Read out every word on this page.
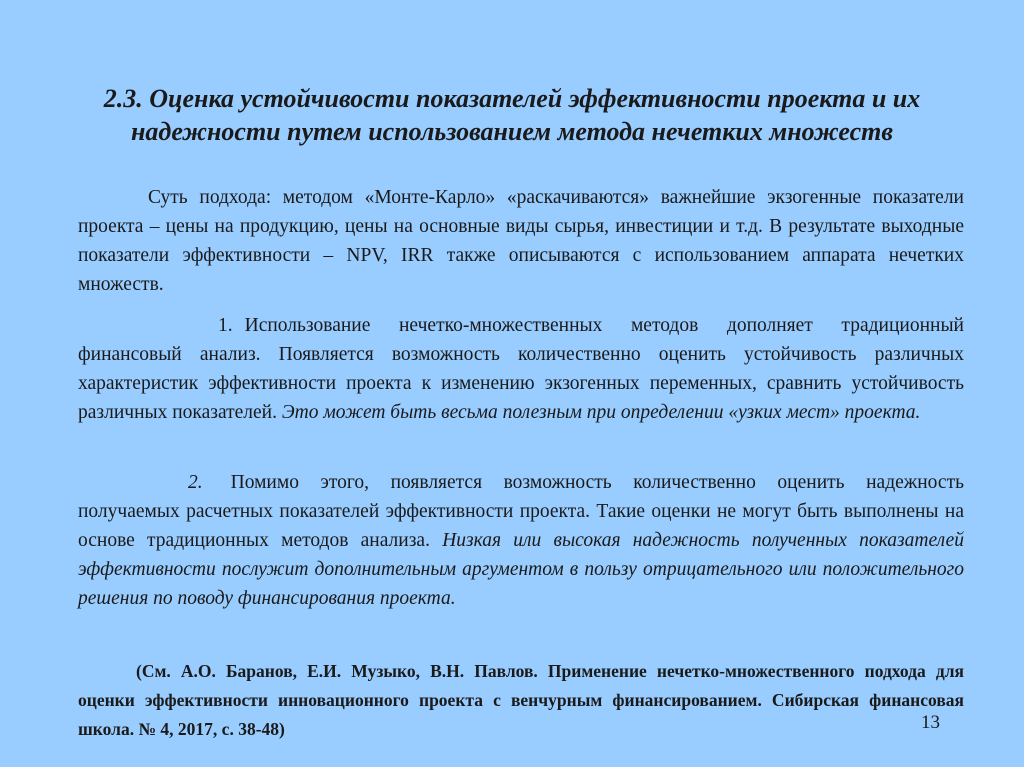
2.3. Оценка устойчивости показателей эффективности проекта и их надежности путем использованием метода нечетких множеств

Суть подхода: методом «Монте-Карло» «раскачиваются» важнейшие экзогенные показатели проекта – цены на продукцию, цены на основные виды сырья, инвестиции и т.д. В результате выходные показатели эффективности – NPV, IRR также описываются с использованием аппарата нечетких множеств.

1. Использование нечетко-множественных методов дополняет традиционный финансовый анализ. Появляется возможность количественно оценить устойчивость различных характеристик эффективности проекта к изменению экзогенных переменных, сравнить устойчивость различных показателей. Это может быть весьма полезным при определении «узких мест» проекта.

2. Помимо этого, появляется возможность количественно оценить надежность получаемых расчетных показателей эффективности проекта. Такие оценки не могут быть выполнены на основе традиционных методов анализа. Низкая или высокая надежность полученных показателей эффективности послужит дополнительным аргументом в пользу отрицательного или положительного решения по поводу финансирования проекта.

(См. А.О. Баранов, Е.И. Музыко, В.Н. Павлов. Применение нечетко-множественного подхода для оценки эффективности инновационного проекта с венчурным финансированием. Сибирская финансовая школа. № 4, 2017, с. 38-48)	13
